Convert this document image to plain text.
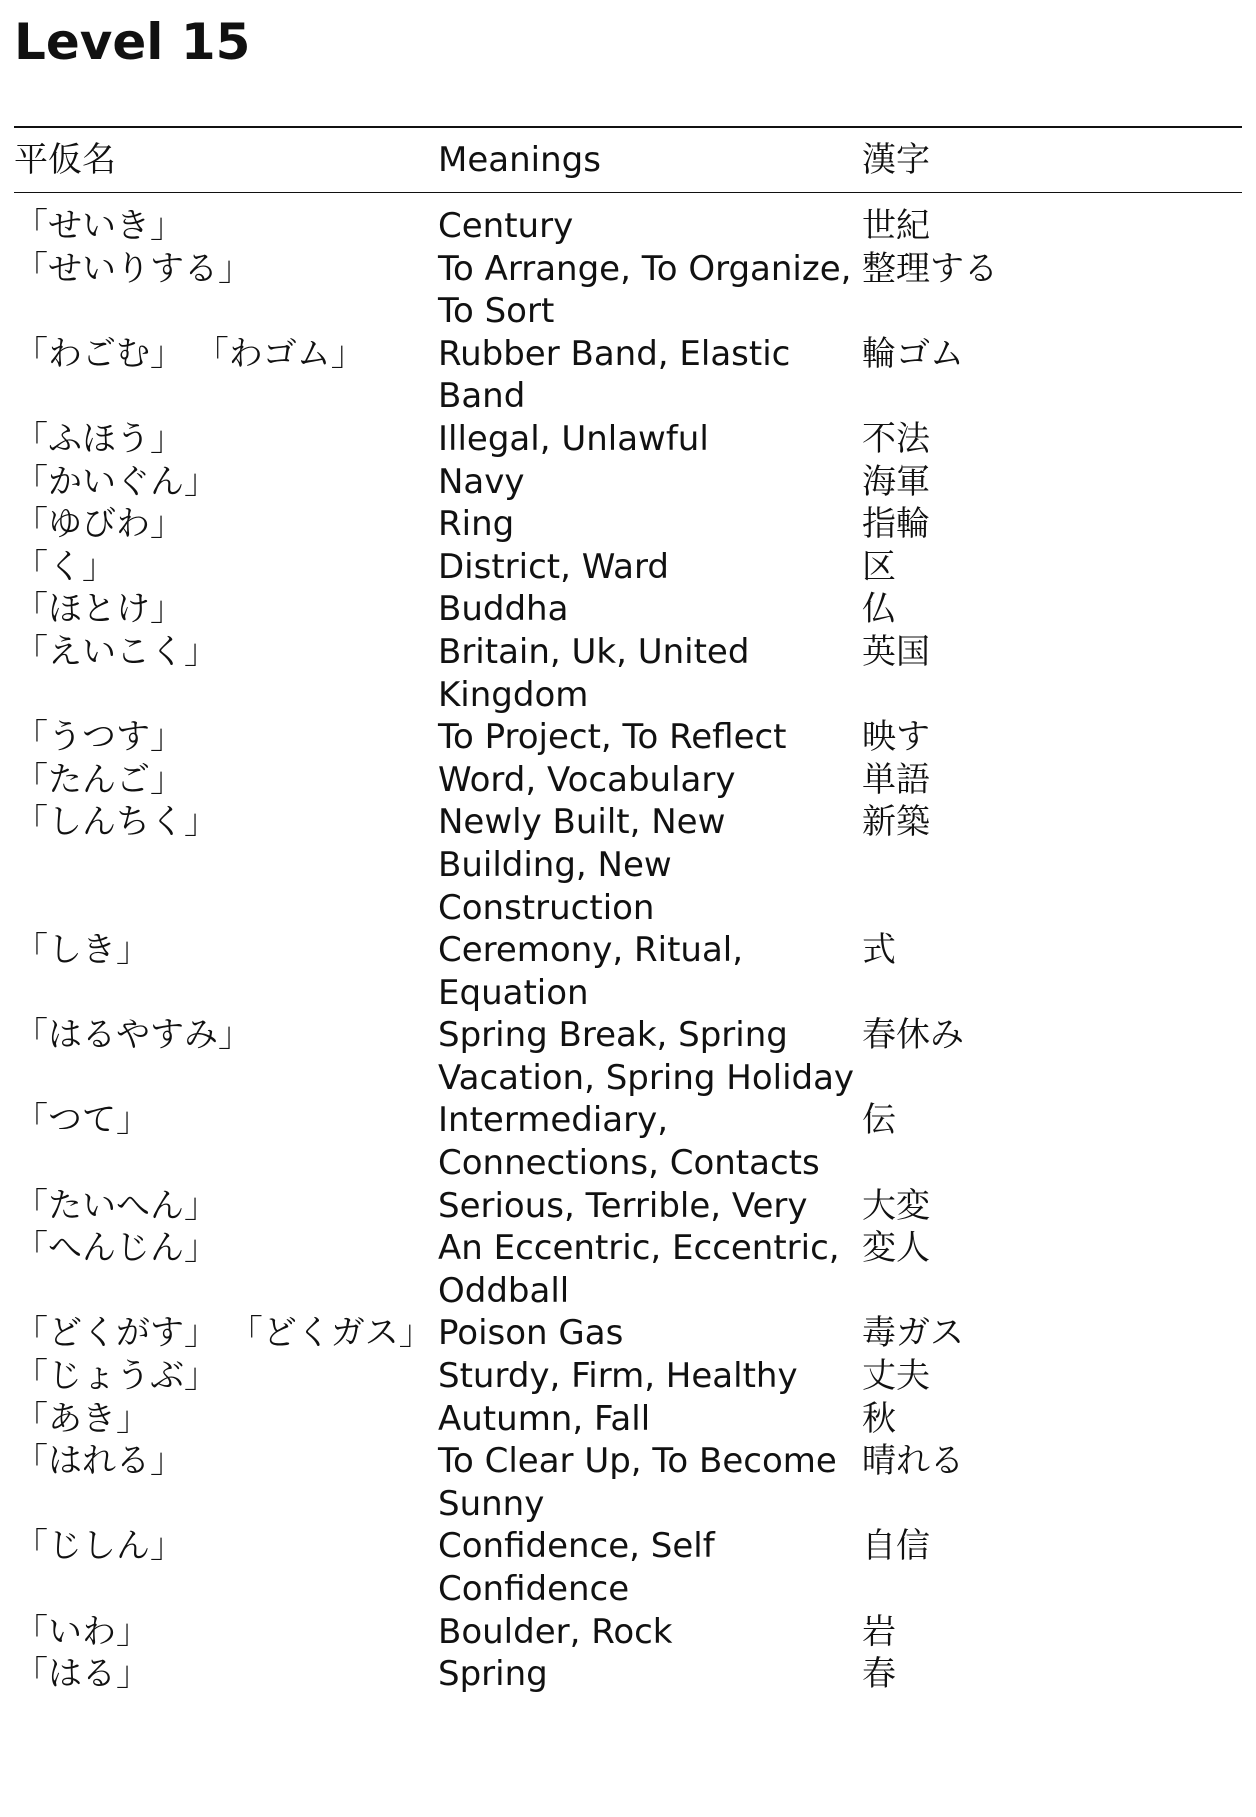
Level 15
平仮名	Meanings	漢字
「せいき」	Century	世紀
「せいりする」	To Arrange, To Organize, To Sort	整理する
「わごむ」 「わゴム」	Rubber Band, Elastic Band	輪ゴム
「ふほう」	Illegal, Unlawful	不法
「かいぐん」	Navy	海軍
「ゆびわ」	Ring	指輪
「く」	District, Ward	区
「ほとけ」	Buddha	仏
「えいこく」	Britain, Uk, United Kingdom	英国
「うつす」	To Project, To Reflect	映す
「たんご」	Word, Vocabulary	単語
「しんちく」	Newly Built, New Building, New Construction	新築
「しき」	Ceremony, Ritual, Equation	式
「はるやすみ」	Spring Break, Spring Vacation, Spring Holiday	春休み
「つて」	Intermediary, Connections, Contacts	伝
「たいへん」	Serious, Terrible, Very	大変
「へんじん」	An Eccentric, Eccentric, Oddball	変人
「どくがす」 「どくガス」	Poison Gas	毒ガス
「じょうぶ」	Sturdy, Firm, Healthy	丈夫
「あき」	Autumn, Fall	秋
「はれる」	To Clear Up, To Become Sunny	晴れる
「じしん」	Confidence, Self Confidence	自信
「いわ」	Boulder, Rock	岩
「はる」	Spring	春
